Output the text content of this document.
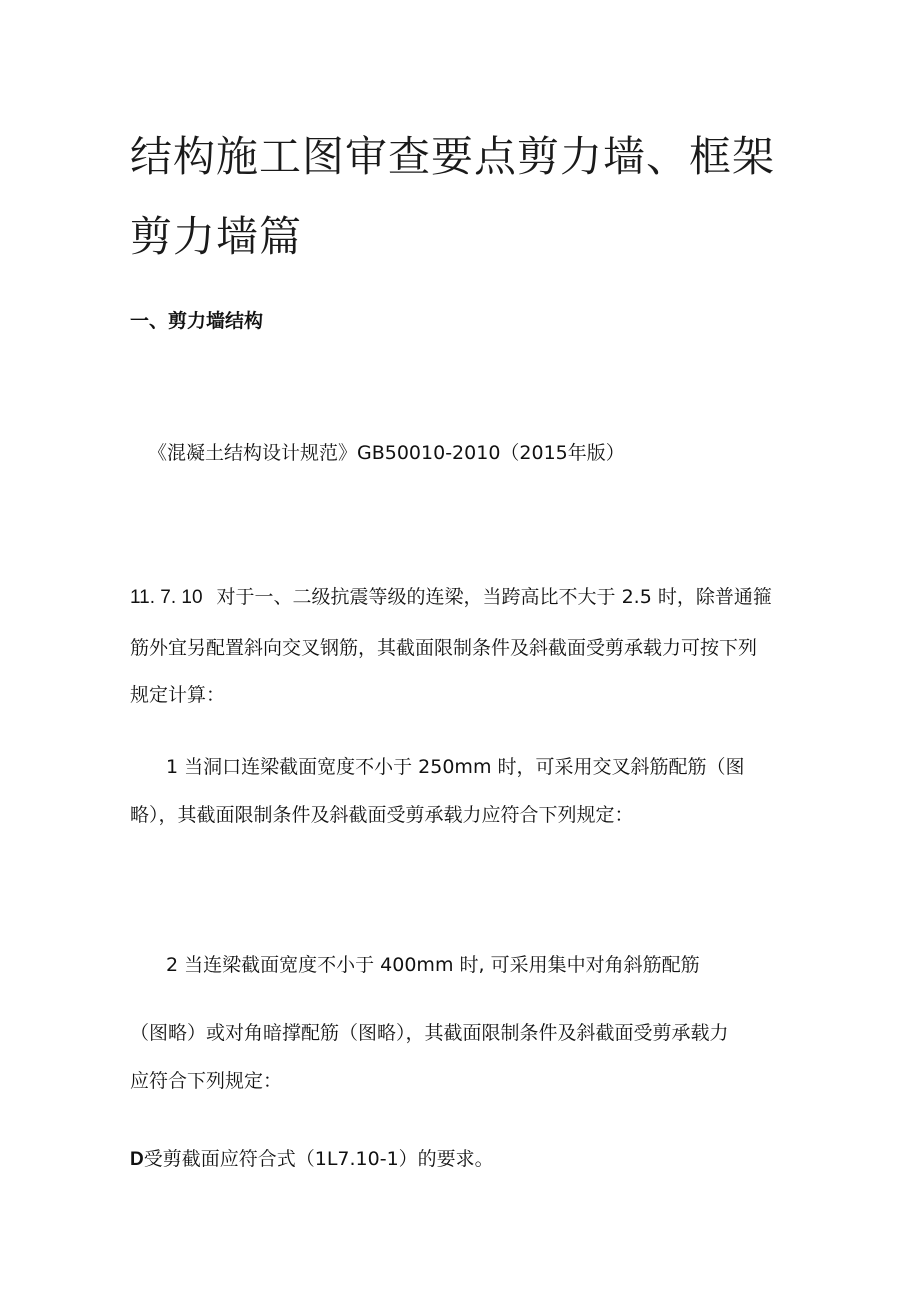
结构施工图审查要点剪力墙、框架
剪力墙篇
一、剪力墙结构
《混凝土结构设计规范》GB50010-2010（2015年版）
11. 7. 10 对于一、二级抗震等级的连梁，当跨高比不大于 2.5 时，除普通箍
筋外宜另配置斜向交叉钢筋，其截面限制条件及斜截面受剪承载力可按下列
规定计算：
1 当洞口连梁截面宽度不小于 250mm 时，可采用交叉斜筋配筋（图
略），其截面限制条件及斜截面受剪承载力应符合下列规定：
2 当连梁截面宽度不小于 400mm 时, 可采用集中对角斜筋配筋
（图略）或对角暗撑配筋（图略），其截面限制条件及斜截面受剪承载力
应符合下列规定：
D受剪截面应符合式（1L7.10-1）的要求。
